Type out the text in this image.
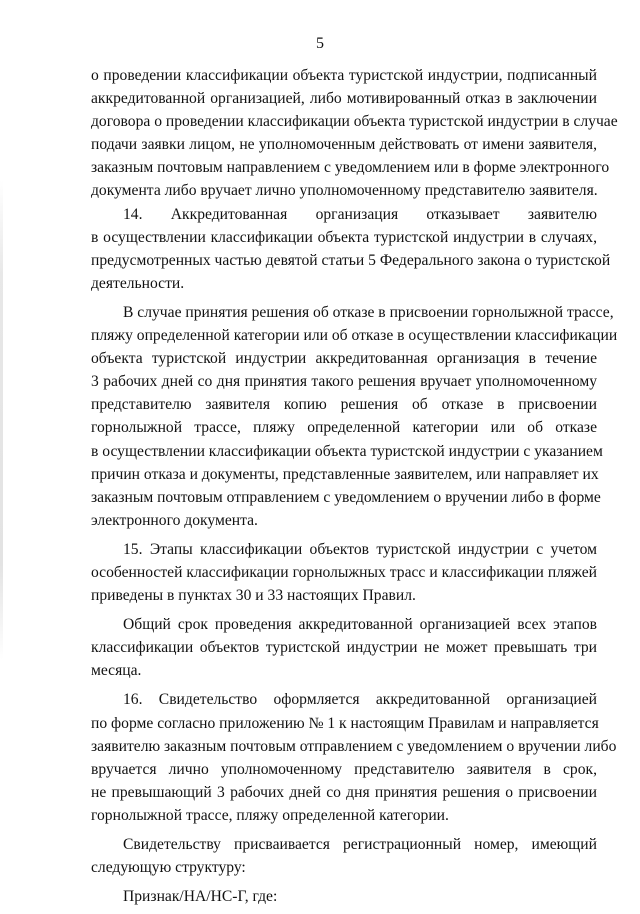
5
о проведении классификации объекта туристской индустрии, подписанный
аккредитованной организацией, либо мотивированный отказ в заключении
договора о проведении классификации объекта туристской индустрии в случае
подачи заявки лицом, не уполномоченным действовать от имени заявителя,
заказным почтовым направлением с уведомлением или в форме электронного
документа либо вручает лично уполномоченному представителю заявителя.
14. Аккредитованная организация отказывает заявителю
в осуществлении классификации объекта туристской индустрии в случаях,
предусмотренных частью девятой статьи 5 Федерального закона о туристской
деятельности.
В случае принятия решения об отказе в присвоении горнолыжной трассе,
пляжу определенной категории или об отказе в осуществлении классификации
объекта туристской индустрии аккредитованная организация в течение
3 рабочих дней со дня принятия такого решения вручает уполномоченному
представителю заявителя копию решения об отказе в присвоении
горнолыжной трассе, пляжу определенной категории или об отказе
в осуществлении классификации объекта туристской индустрии с указанием
причин отказа и документы, представленные заявителем, или направляет их
заказным почтовым отправлением с уведомлением о вручении либо в форме
электронного документа.
15. Этапы классификации объектов туристской индустрии с учетом
особенностей классификации горнолыжных трасс и классификации пляжей
приведены в пунктах 30 и 33 настоящих Правил.
Общий срок проведения аккредитованной организацией всех этапов
классификации объектов туристской индустрии не может превышать три
месяца.
16. Свидетельство оформляется аккредитованной организацией
по форме согласно приложению № 1 к настоящим Правилам и направляется
заявителю заказным почтовым отправлением с уведомлением о вручении либо
вручается лично уполномоченному представителю заявителя в срок,
не превышающий 3 рабочих дней со дня принятия решения о присвоении
горнолыжной трассе, пляжу определенной категории.
Свидетельству присваивается регистрационный номер, имеющий
следующую структуру:
Признак/НА/НС-Г, где:
